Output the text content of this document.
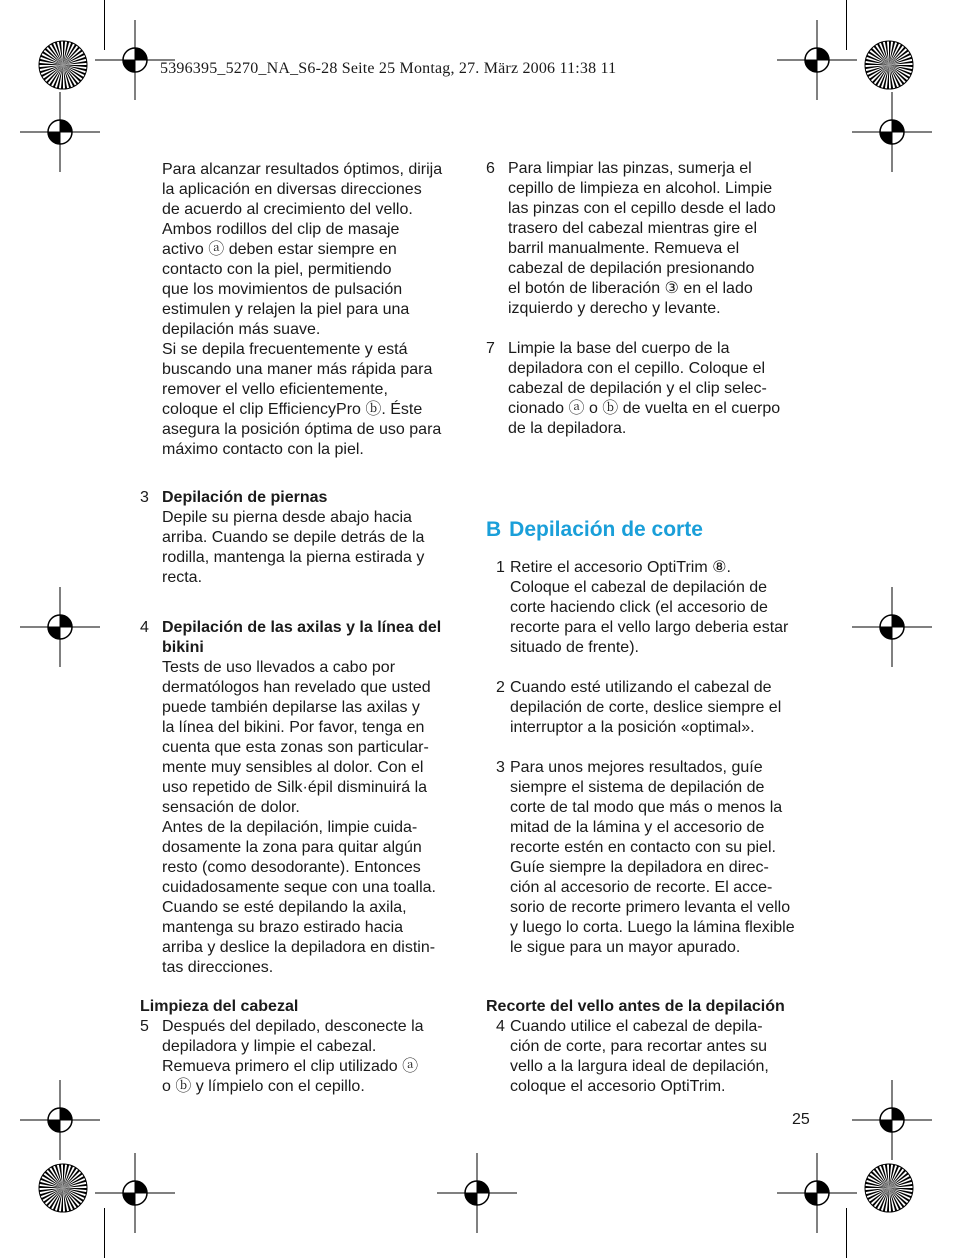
5396395_5270_NA_S6-28 Seite 25 Montag, 27. März 2006 11:38 11

Para alcanzar resultados óptimos, dirija
la aplicación en diversas direcciones
de acuerdo al crecimiento del vello.
Ambos rodillos del clip de masaje
activo ⓐ deben estar siempre en
contacto con la piel, permitiendo
que los movimientos de pulsación
estimulen y relajen la piel para una
depilación más suave.
Si se depila frecuentemente y está
buscando una maner más rápida para
remover el vello eficientemente,
coloque el clip EfficiencyPro ⓑ. Éste
asegura la posición óptima de uso para
máximo contacto con la piel.

3 Depilación de piernas

Depile su pierna desde abajo hacia
arriba. Cuando se depile detrás de la
rodilla, mantenga la pierna estirada y
recta.

4 Depilación de las axilas y la línea del
bikini

Tests de uso llevados a cabo por
dermatólogos han revelado que usted
puede también depilarse las axilas y
la línea del bikini. Por favor, tenga en
cuenta que esta zonas son particular-
mente muy sensibles al dolor. Con el
uso repetido de Silk·épil disminuirá la
sensación de dolor.
Antes de la depilación, limpie cuida-
dosamente la zona para quitar algún
resto (como desodorante). Entonces
cuidadosamente seque con una toalla.
Cuando se esté depilando la axila,
mantenga su brazo estirado hacia
arriba y deslice la depiladora en distin-
tas direcciones.

Limpieza del cabezal

5 Después del depilado, desconecte la
depiladora y limpie el cabezal.
Remueva primero el clip utilizado ⓐ
o ⓑ y límpielo con el cepillo.

6 Para limpiar las pinzas, sumerja el
cepillo de limpieza en alcohol. Limpie
las pinzas con el cepillo desde el lado
trasero del cabezal mientras gire el
barril manualmente. Remueva el
cabezal de depilación presionando
el botón de liberación ③ en el lado
izquierdo y derecho y levante.

7 Limpie la base del cuerpo de la
depiladora con el cepillo. Coloque el
cabezal de depilación y el clip selec-
cionado ⓐ o ⓑ de vuelta en el cuerpo
de la depiladora.

B Depilación de corte
1 Retire el accesorio OptiTrim ⑧.
Coloque el cabezal de depilación de
corte haciendo click (el accesorio de
recorte para el vello largo deberia estar
situado de frente).

2 Cuando esté utilizando el cabezal de
depilación de corte, deslice siempre el
interruptor a la posición «optimal».

3 Para unos mejores resultados, guíe
siempre el sistema de depilación de
corte de tal modo que más o menos la
mitad de la lámina y el accesorio de
recorte estén en contacto con su piel.
Guíe siempre la depiladora en direc-
ción al accesorio de recorte. El acce-
sorio de recorte primero levanta el vello
y luego lo corta. Luego la lámina flexible
le sigue para un mayor apurado.

Recorte del vello antes de la depilación

4 Cuando utilice el cabezal de depila-
ción de corte, para recortar antes su
vello a la largura ideal de depilación,
coloque el accesorio OptiTrim.

25
